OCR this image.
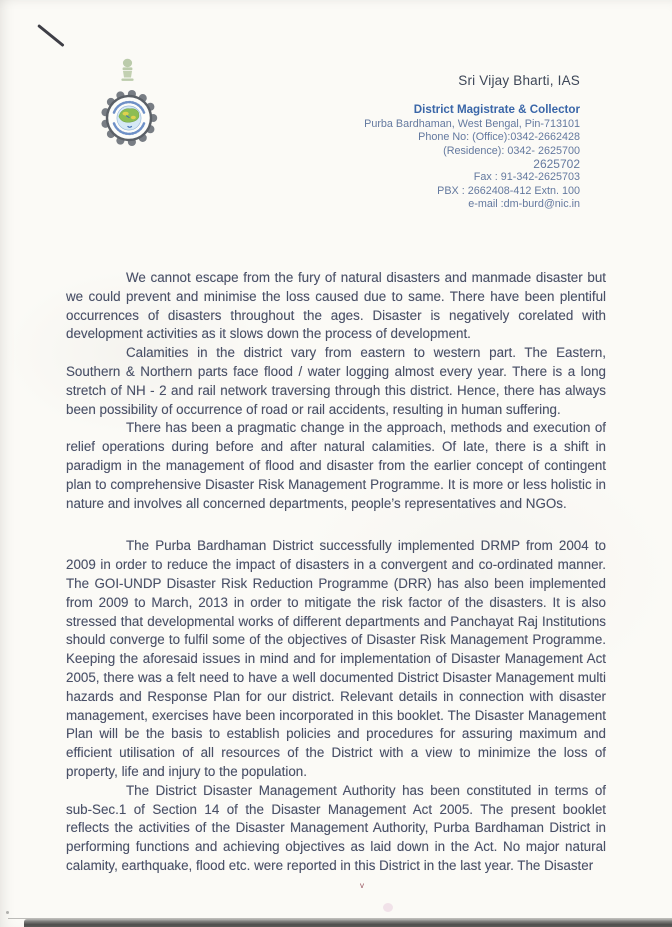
Sri Vijay Bharti, IAS
District Magistrate & Collector
Purba Bardhaman, West Bengal, Pin-713101
Phone No: (Office):0342-2662428
(Residence): 0342- 2625700
2625702
Fax : 91-342-2625703
PBX : 2662408-412 Extn. 100
e-mail :dm-burd@nic.in

We cannot escape from the fury of natural disasters and manmade disaster but we could prevent and minimise the loss caused due to same. There have been plentiful occurrences of disasters throughout the ages. Disaster is negatively corelated with development activities as it slows down the process of development.

Calamities in the district vary from eastern to western part. The Eastern, Southern & Northern parts face flood / water logging almost every year. There is a long stretch of NH - 2 and rail network traversing through this district. Hence, there has always been possibility of occurrence of road or rail accidents, resulting in human suffering.

There has been a pragmatic change in the approach, methods and execution of relief operations during before and after natural calamities. Of late, there is a shift in paradigm in the management of flood and disaster from the earlier concept of contingent plan to comprehensive Disaster Risk Management Programme. It is more or less holistic in nature and involves all concerned departments, people’s representatives and NGOs.

The Purba Bardhaman District successfully implemented DRMP from 2004 to 2009 in order to reduce the impact of disasters in a convergent and co-ordinated manner. The GOI-UNDP Disaster Risk Reduction Programme (DRR) has also been implemented from 2009 to March, 2013 in order to mitigate the risk factor of the disasters. It is also stressed that developmental works of different departments and Panchayat Raj Institutions should converge to fulfil some of the objectives of Disaster Risk Management Programme. Keeping the aforesaid issues in mind and for implementation of Disaster Management Act 2005, there was a felt need to have a well documented District Disaster Management multi hazards and Response Plan for our district. Relevant details in connection with disaster management, exercises have been incorporated in this booklet. The Disaster Management Plan will be the basis to establish policies and procedures for assuring maximum and efficient utilisation of all resources of the District with a view to minimize the loss of property, life and injury to the population.

The District Disaster Management Authority has been constituted in terms of sub-Sec.1 of Section 14 of the Disaster Management Act 2005. The present booklet reflects the activities of the Disaster Management Authority, Purba Bardhaman District in performing functions and achieving objectives as laid down in the Act. No major natural calamity, earthquake, flood etc. were reported in this District in the last year. The Disaster

v
